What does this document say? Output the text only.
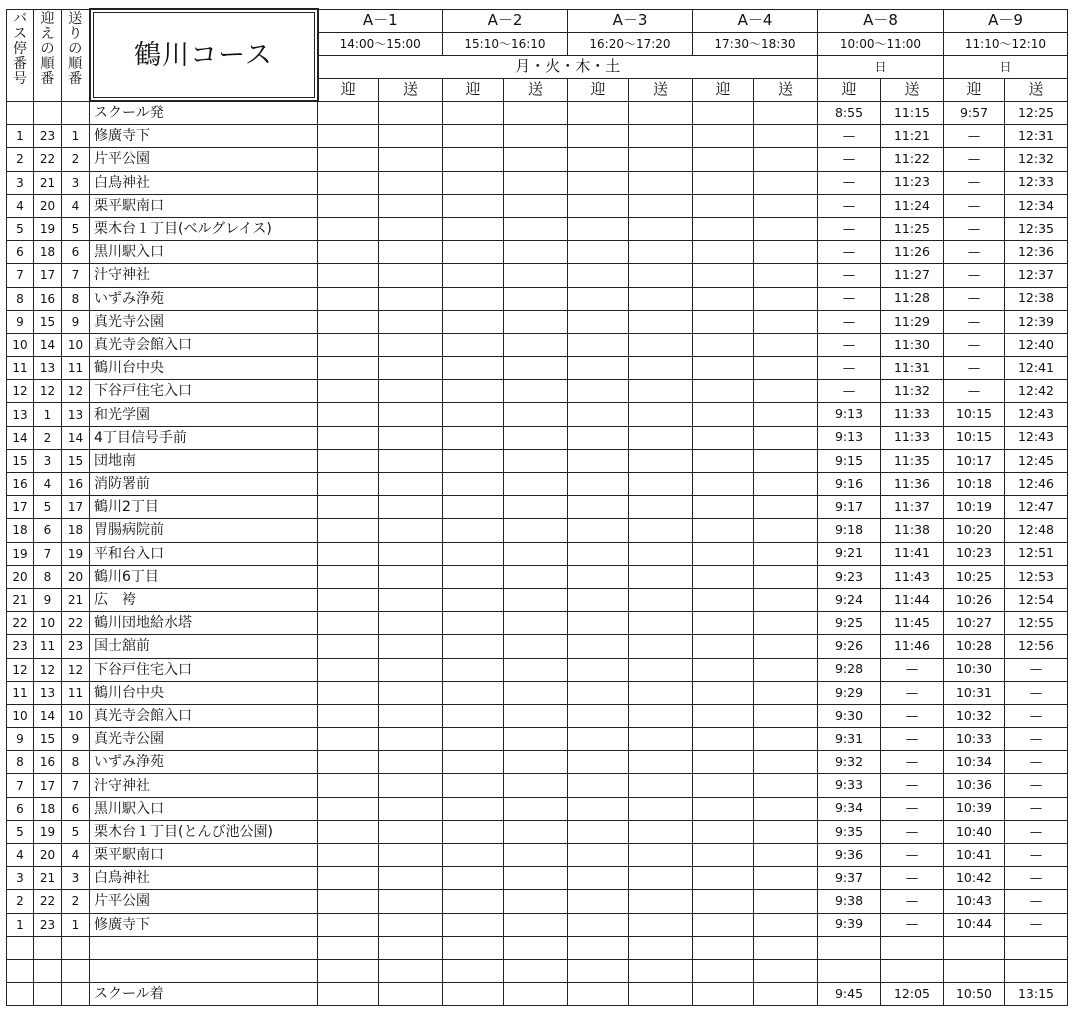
バ
ス
停
番
号	迎
え
の
順
番	送
り
の
順
番	鶴川コース	A－1		A－2		A－3		A－4		A－8		A－9	
				14:00～15:00		15:10～16:10		16:20～17:20		17:30～18:30		10:00～11:00		11:10～12:10	
				月・火・木・土								日		日	
				迎	送	迎	送	迎	送	迎	送	迎	送	迎	送
			スクール発									8:55	11:15	9:57	12:25
1	23	1	修廣寺下									—	11:21	—	12:31
2	22	2	片平公園									—	11:22	—	12:32
3	21	3	白鳥神社									—	11:23	—	12:33
4	20	4	栗平駅南口									—	11:24	—	12:34
5	19	5	栗木台１丁目(ベルグレイス)									—	11:25	—	12:35
6	18	6	黒川駅入口									—	11:26	—	12:36
7	17	7	汁守神社									—	11:27	—	12:37
8	16	8	いずみ浄苑									—	11:28	—	12:38
9	15	9	真光寺公園									—	11:29	—	12:39
10	14	10	真光寺会館入口									—	11:30	—	12:40
11	13	11	鶴川台中央									—	11:31	—	12:41
12	12	12	下谷戸住宅入口									—	11:32	—	12:42
13	1	13	和光学園									9:13	11:33	10:15	12:43
14	2	14	4丁目信号手前									9:13	11:33	10:15	12:43
15	3	15	団地南									9:15	11:35	10:17	12:45
16	4	16	消防署前									9:16	11:36	10:18	12:46
17	5	17	鶴川2丁目									9:17	11:37	10:19	12:47
18	6	18	胃腸病院前									9:18	11:38	10:20	12:48
19	7	19	平和台入口									9:21	11:41	10:23	12:51
20	8	20	鶴川6丁目									9:23	11:43	10:25	12:53
21	9	21	広　袴									9:24	11:44	10:26	12:54
22	10	22	鶴川団地給水塔									9:25	11:45	10:27	12:55
23	11	23	国士舘前									9:26	11:46	10:28	12:56
12	12	12	下谷戸住宅入口									9:28	—	10:30	—
11	13	11	鶴川台中央									9:29	—	10:31	—
10	14	10	真光寺会館入口									9:30	—	10:32	—
9	15	9	真光寺公園									9:31	—	10:33	—
8	16	8	いずみ浄苑									9:32	—	10:34	—
7	17	7	汁守神社									9:33	—	10:36	—
6	18	6	黒川駅入口									9:34	—	10:39	—
5	19	5	栗木台１丁目(とんび池公園)									9:35	—	10:40	—
4	20	4	栗平駅南口									9:36	—	10:41	—
3	21	3	白鳥神社									9:37	—	10:42	—
2	22	2	片平公園									9:38	—	10:43	—
1	23	1	修廣寺下									9:39	—	10:44	—

			スクール着									9:45	12:05	10:50	13:15
